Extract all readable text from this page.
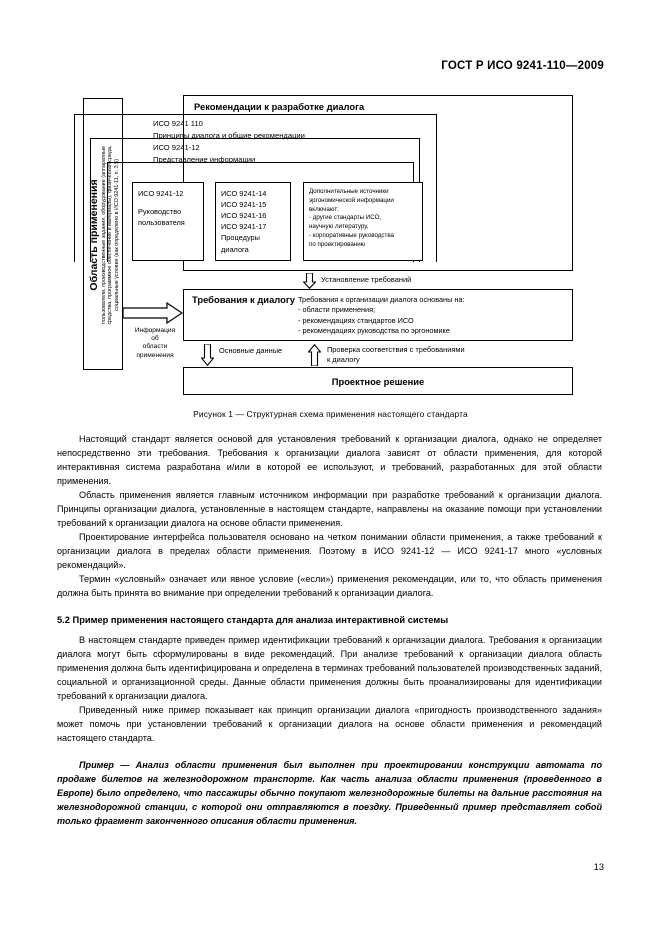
ГОСТ Р ИСО 9241-110—2009
Область применения пользователи, производственные задания, оборудование (аппаратные
средства, программное обеспечение и материалы), физическая среда,
социальные условия (как определено в ИСО 9241-11, п. 3.5)
Информация
об
области
применения
Рекомендации к разработке диалога
ИСО 9241 110
Принципы диалога и общие рекомендации
ИСО 9241-12
Представление информации
ИСО 9241-12
Руководство
пользователя
ИСО 9241-14
ИСО 9241-15
ИСО 9241-16
ИСО 9241-17 Процедуры
диалога
Дополнительные источники эргономической информации включают:
- другие стандарты ИСО,
научную литературу,
- корпоративные руководства
по проектированию
Установление требований
Требования к диалогу Требования к организации диалога основаны на:
- области применения;
- рекомендациях стандартов ИСО
- рекомендациях руководства по эргономике
Основные данные	Проверка соответствия с требованиями
к диалогу
Проектное решение
Рисунок 1 — Структурная схема применения настоящего стандарта

Настоящий стандарт является основой для установления требований к организации диалога, однако не определяет непосредственно эти требования. Требования к организации диалога зависят от области применения, для которой интерактивная система разработана и/или в которой ее используют, и требований, разработанных для этой области применения.

Область применения является главным источником информации при разработке требований к организации диалога. Принципы организации диалога, установленные в настоящем стандарте, направлены на оказание помощи при установлении требований к организации диалога на основе области применения.

Проектирование интерфейса пользователя основано на четком понимании области применения, а также требований к организации диалога в пределах области применения. Поэтому в ИСО 9241-12 — ИСО 9241-17 много «условных рекомендаций».

Термин «условный» означает или явное условие («если») применения рекомендации, или то, что область применения должна быть принята во внимание при определении требований к организации диалога.

5.2 Пример применения настоящего стандарта для анализа интерактивной системы

В настоящем стандарте приведен пример идентификации требований к организации диалога. Требования к организации диалога могут быть сформулированы в виде рекомендаций. При анализе требований к организации диалога область применения должна быть идентифицирована и определена в терминах требований пользователей производственных заданий, социальной и организационной среды. Данные области применения должны быть проанализированы для идентификации требований к организации диалога.

Приведенный ниже пример показывает как принцип организации диалога «пригодность производственного задания» может помочь при установлении требований к организации диалога на основе области применения и рекомендаций настоящего стандарта.

Пример — Анализ области применения был выполнен при проектировании конструкции автомата по продаже билетов на железнодорожном транспорте. Как часть анализа области применения (проведенного в Европе) было определено, что пассажиры обычно покупают железнодорожные билеты на дальние расстояния на железнодорожной станции, с которой они отправляются в поездку. Приведенный пример представляет собой только фрагмент законченного описания области применения.

13
